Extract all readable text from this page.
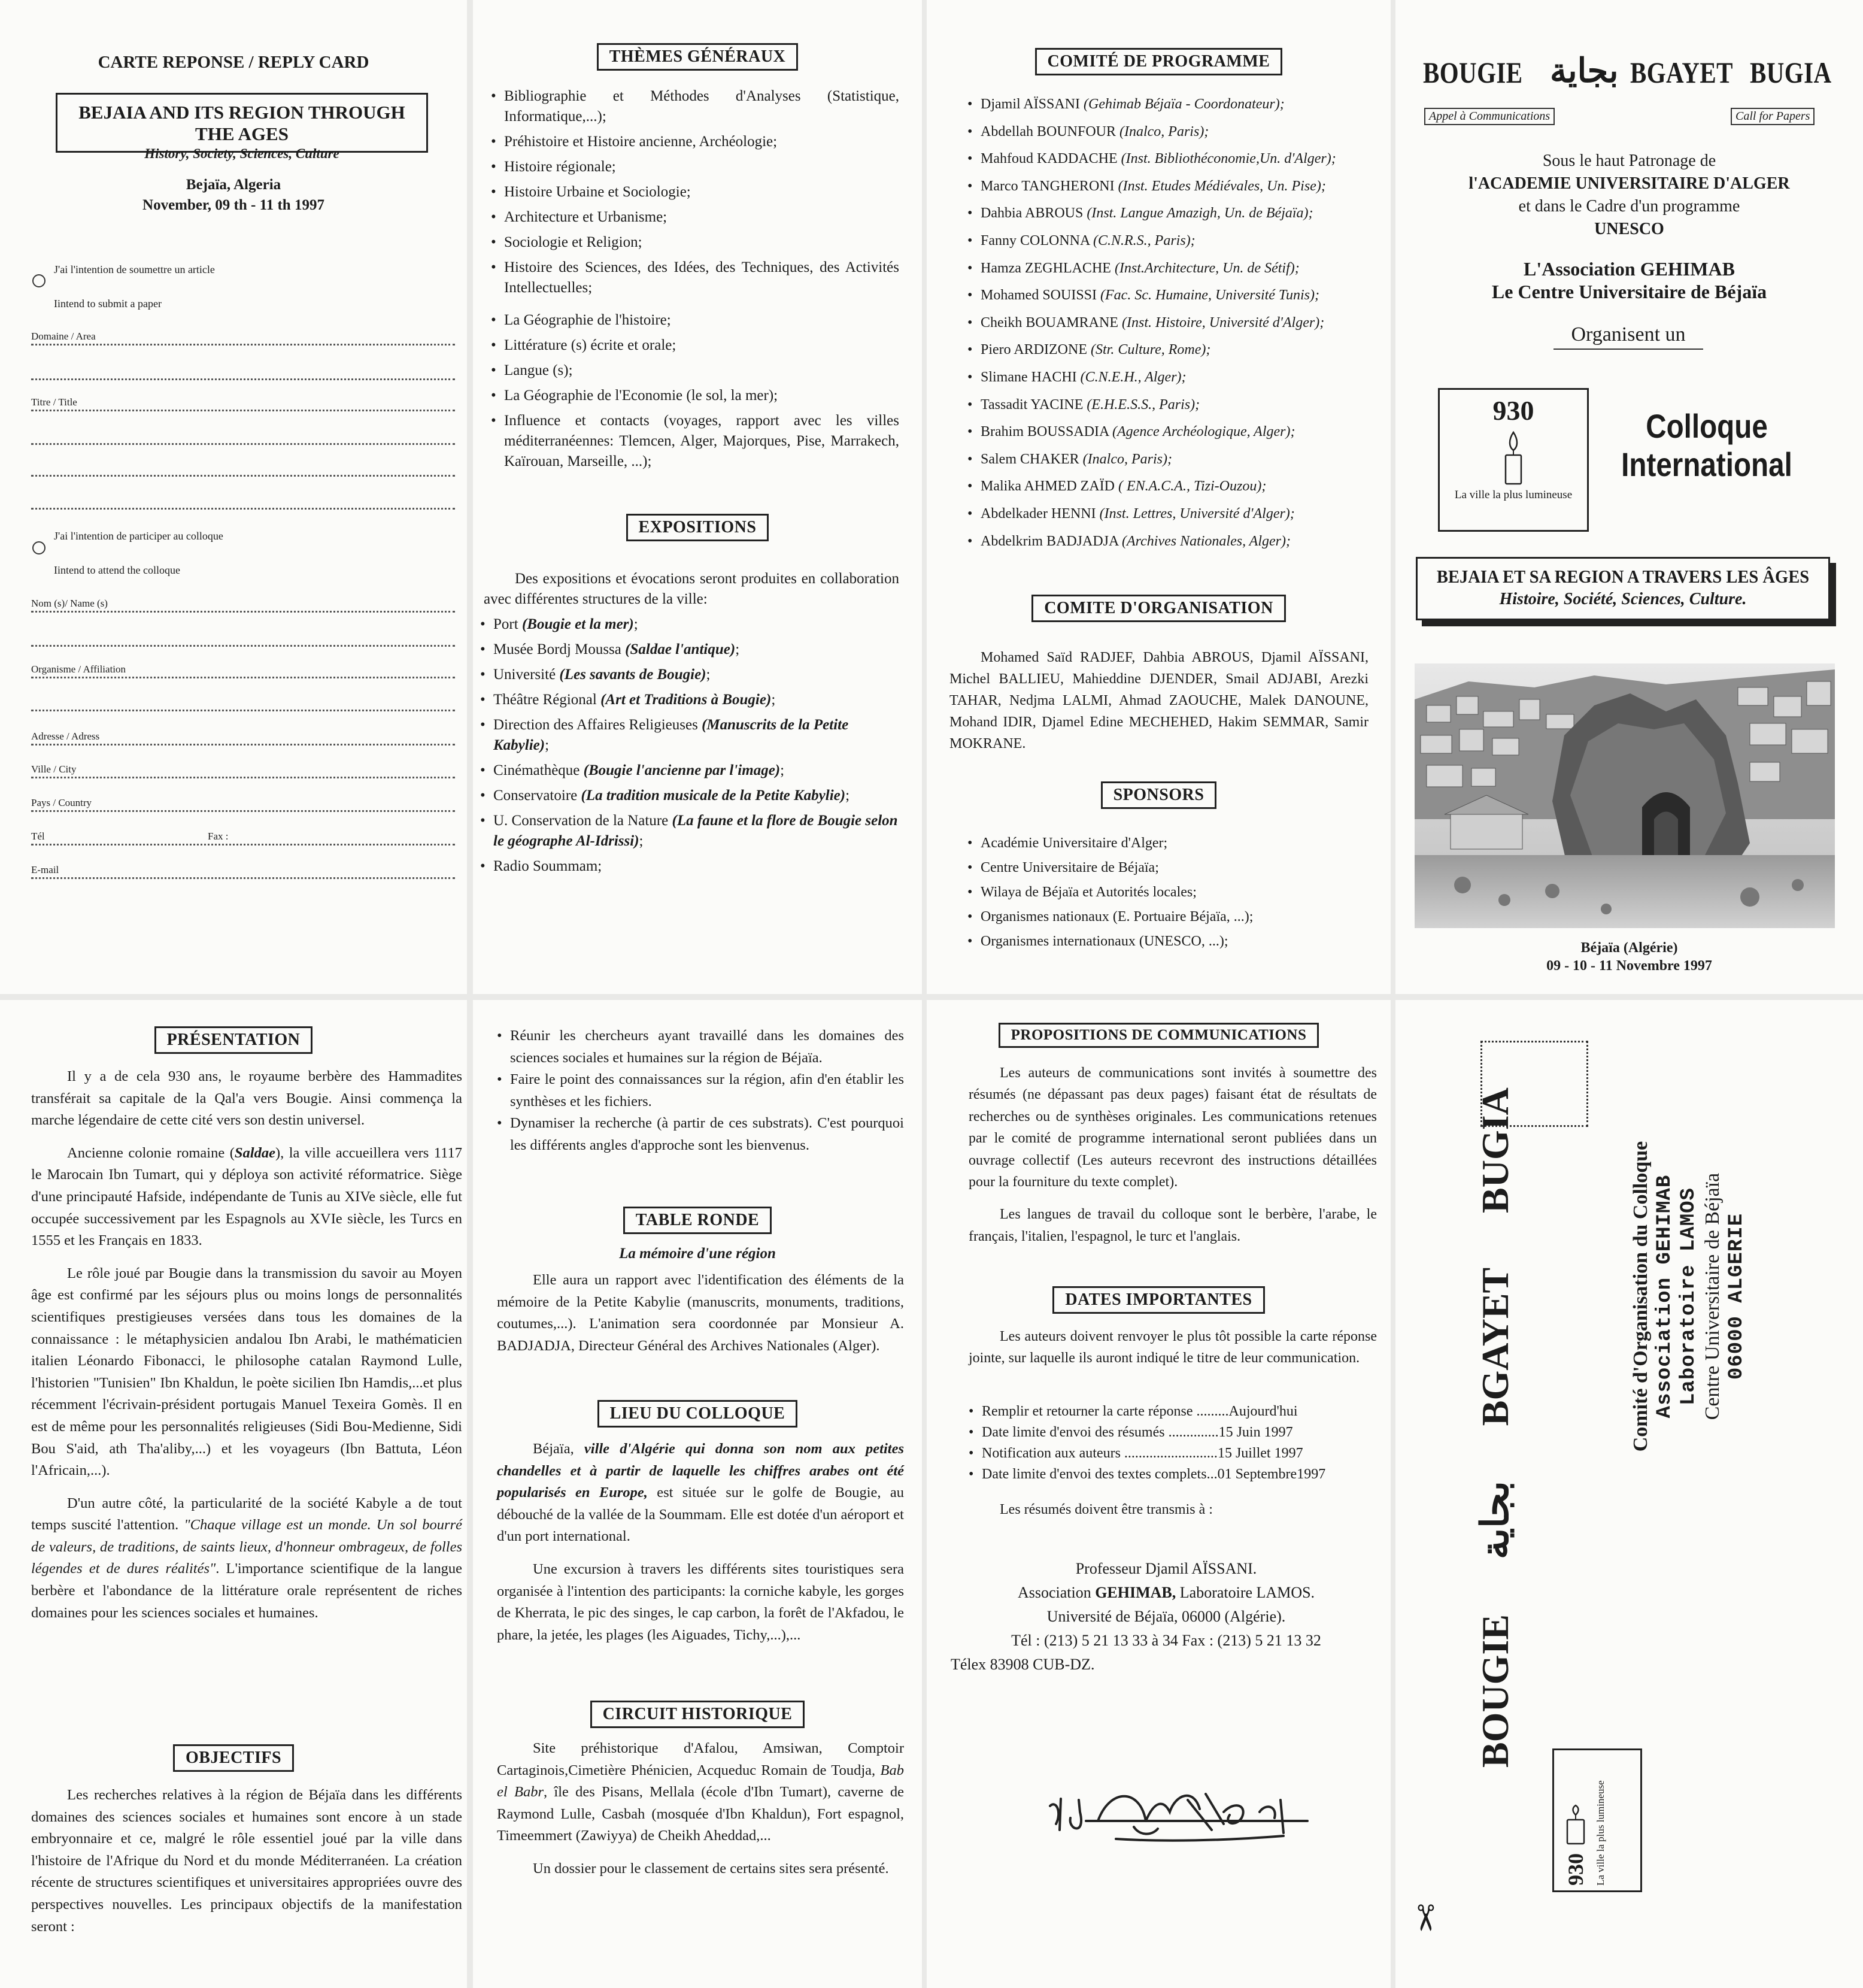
CARTE REPONSE / REPLY CARD
BEJAIA AND ITS REGION THROUGH THE AGES
History, Society, Sciences, Culture
Bejaïa, Algeria
November, 09 th - 11 th 1997
J'ai l'intention de soumettre un article
Iintend to submit a paper
Domaine / Area
Titre / Title
J'ai l'intention de participer au colloque
Iintend to attend the colloque
Nom (s)/ Name (s)
Organisme / Affiliation
Adresse / Adress
Ville / City
Pays / Country
Tél	Fax :
E-mail
THÈMES GÉNÉRAUX
• Bibliographie et Méthodes d'Analyses (Statistique, Informatique,...);
• Préhistoire et Histoire ancienne, Archéologie;
• Histoire régionale;
• Histoire Urbaine et Sociologie;
• Architecture et Urbanisme;
• Sociologie et Religion;
• Histoire des Sciences, des Idées, des Techniques, des Activités Intellectuelles;
• La Géographie de l'histoire;
• Littérature (s) écrite et orale;
• Langue (s);
• La Géographie de l'Economie (le sol, la mer);
• Influence et contacts (voyages, rapport avec les villes méditerranéennes: Tlemcen, Alger, Majorques, Pise, Marrakech, Kaïrouan, Marseille, ...);
EXPOSITIONS

Des expositions et évocations seront produites en collaboration avec différentes structures de la ville:

• Port (Bougie et la mer);
• Musée Bordj Moussa (Saldae l'antique);
• Université (Les savants de Bougie);
• Théâtre Régional (Art et Traditions à Bougie);
• Direction des Affaires Religieuses (Manuscrits de la Petite Kabylie);
• Cinémathèque (Bougie l'ancienne par l'image);
• Conservatoire (La tradition musicale de la Petite Kabylie);
• U. Conservation de la Nature (La faune et la flore de Bougie selon le géographe Al-Idrissi);
• Radio Soummam;
COMITÉ DE PROGRAMME
• Djamil AÏSSANI (Gehimab Béjaïa - Coordonateur);
• Abdellah BOUNFOUR (Inalco, Paris);
• Mahfoud KADDACHE (Inst. Bibliothéconomie,Un. d'Alger);
• Marco TANGHERONI (Inst. Etudes Médiévales, Un. Pise);
• Dahbia ABROUS (Inst. Langue Amazigh, Un. de Béjaïa);
• Fanny COLONNA (C.N.R.S., Paris);
• Hamza ZEGHLACHE (Inst.Architecture, Un. de Sétif);
• Mohamed SOUISSI (Fac. Sc. Humaine, Université Tunis);
• Cheikh BOUAMRANE (Inst. Histoire, Université d'Alger);
• Piero ARDIZONE (Str. Culture, Rome);
• Slimane HACHI (C.N.E.H., Alger);
• Tassadit YACINE (E.H.E.S.S., Paris);
• Brahim BOUSSADIA (Agence Archéologique, Alger);
• Salem CHAKER (Inalco, Paris);
• Malika AHMED ZAÏD ( EN.A.C.A., Tizi-Ouzou);
• Abdelkader HENNI (Inst. Lettres, Université d'Alger);
• Abdelkrim BADJADJA (Archives Nationales, Alger);
COMITE D'ORGANISATION

Mohamed Saïd RADJEF, Dahbia ABROUS, Djamil AÏSSANI, Michel BALLIEU, Mahieddine DJENDER, Smail ADJABI, Arezki TAHAR, Nedjma LALMI, Ahmad ZAOUCHE, Malek DANOUNE, Mohand IDIR, Djamel Edine MECHEHED, Hakim SEMMAR, Samir MOKRANE.

SPONSORS
• Académie Universitaire d'Alger;
• Centre Universitaire de Béjaïa;
• Wilaya de Béjaïa et Autorités locales;
• Organismes nationaux (E. Portuaire Béjaïa, ...);
• Organismes internationaux (UNESCO, ...);
BOUGIE بجاية BGAYET BUGIA
Appel à Communications	Call for Papers
Sous le haut Patronage de
l'ACADEMIE UNIVERSITAIRE D'ALGER
et dans le Cadre d'un programme
UNESCO
L'Association GEHIMAB
Le Centre Universitaire de Béjaïa
Organisent un
930
La ville la plus lumineuse
Colloque
International
BEJAIA ET SA REGION A TRAVERS LES ÂGES
Histoire, Société, Sciences, Culture.
Béjaïa (Algérie)
09 - 10 - 11 Novembre 1997
PRÉSENTATION

Il y a de cela 930 ans, le royaume berbère des Hammadites transférait sa capitale de la Qal'a vers Bougie. Ainsi commença la marche légendaire de cette cité vers son destin universel.

Ancienne colonie romaine (Saldae), la ville accueillera vers 1117 le Marocain Ibn Tumart, qui y déploya son activité réformatrice. Siège d'une principauté Hafside, indépendante de Tunis au XIVe siècle, elle fut occupée successivement par les Espagnols au XVIe siècle, les Turcs en 1555 et les Français en 1833.

Le rôle joué par Bougie dans la transmission du savoir au Moyen âge est confirmé par les séjours plus ou moins longs de personnalités scientifiques prestigieuses versées dans tous les domaines de la connaissance : le métaphysicien andalou Ibn Arabi, le mathématicien italien Léonardo Fibonacci, le philosophe catalan Raymond Lulle, l'historien "Tunisien" Ibn Khaldun, le poète sicilien Ibn Hamdis,...et plus récemment l'écrivain-président portugais Manuel Texeira Gomès. Il en est de même pour les personnalités religieuses (Sidi Bou-Medienne, Sidi Bou S'aid, ath Tha'aliby,...) et les voyageurs (Ibn Battuta, Léon l'Africain,...).

D'un autre côté, la particularité de la société Kabyle a de tout temps suscité l'attention. "Chaque village est un monde. Un sol bourré de valeurs, de traditions, de saints lieux, d'honneur ombrageux, de folles légendes et de dures réalités". L'importance scientifique de la langue berbère et l'abondance de la littérature orale représentent de riches domaines pour les sciences sociales et humaines.

OBJECTIFS

Les recherches relatives à la région de Béjaïa dans les différents domaines des sciences sociales et humaines sont encore à un stade embryonnaire et ce, malgré le rôle essentiel joué par la ville dans l'histoire de l'Afrique du Nord et du monde Méditerranéen. La création récente de structures scientifiques et universitaires appropriées ouvre des perspectives nouvelles. Les principaux objectifs de la manifestation seront :

• Réunir les chercheurs ayant travaillé dans les domaines des sciences sociales et humaines sur la région de Béjaïa.
• Faire le point des connaissances sur la région, afin d'en établir les synthèses et les fichiers.
• Dynamiser la recherche (à partir de ces substrats). C'est pourquoi les différents angles d'approche sont les bienvenus.
TABLE RONDE
La mémoire d'une région

Elle aura un rapport avec l'identification des éléments de la mémoire de la Petite Kabylie (manuscrits, monuments, traditions, coutumes,...). L'animation sera coordonnée par Monsieur A. BADJADJA, Directeur Général des Archives Nationales (Alger).

LIEU DU COLLOQUE

Béjaïa, ville d'Algérie qui donna son nom aux petites chandelles et à partir de laquelle les chiffres arabes ont été popularisés en Europe, est située sur le golfe de Bougie, au débouché de la vallée de la Soummam. Elle est dotée d'un aéroport et d'un port international.

Une excursion à travers les différents sites touristiques sera organisée à l'intention des participants: la corniche kabyle, les gorges de Kherrata, le pic des singes, le cap carbon, la forêt de l'Akfadou, le phare, la jetée, les plages (les Aiguades, Tichy,...),...

CIRCUIT HISTORIQUE

Site préhistorique d'Afalou, Amsiwan, Comptoir Cartaginois,Cimetière Phénicien, Acqueduc Romain de Toudja, Bab el Babr, île des Pisans, Mellala (école d'Ibn Tumart), caverne de Raymond Lulle, Casbah (mosquée d'Ibn Khaldun), Fort espagnol, Timeemmert (Zawiyya) de Cheikh Aheddad,...

Un dossier pour le classement de certains sites sera présenté.

PROPOSITIONS DE COMMUNICATIONS

Les auteurs de communications sont invités à soumettre des résumés (ne dépassant pas deux pages) faisant état de résultats de recherches ou de synthèses originales. Les communications retenues par le comité de programme international seront publiées dans un ouvrage collectif (Les auteurs recevront des instructions détaillées pour la fourniture du texte complet).

Les langues de travail du colloque sont le berbère, l'arabe, le français, l'italien, l'espagnol, le turc et l'anglais.

DATES IMPORTANTES

Les auteurs doivent renvoyer le plus tôt possible la carte réponse jointe, sur laquelle ils auront indiqué le titre de leur communication.

• Remplir et retourner la carte réponse .........Aujourd'hui
• Date limite d'envoi des résumés ..............15 Juin 1997
• Notification aux auteurs ..........................15 Juillet 1997
• Date limite d'envoi des textes complets...01 Septembre1997

Les résumés doivent être transmis à :

Professeur Djamil AÏSSANI.
Association GEHIMAB, Laboratoire LAMOS.
Université de Béjaïa, 06000 (Algérie).
Tél : (213) 5 21 13 33 à 34 Fax : (213) 5 21 13 32
Télex 83908 CUB-DZ.	BOUGIE  بجاية  BGAYET  BUGIA	Comité d'Organisation du Colloque Association GEHIMAB Laboratoire LAMOS Centre Universitaire de Béjaïa 06000 ALGERIE
930 La ville la plus lumineuse
✂
